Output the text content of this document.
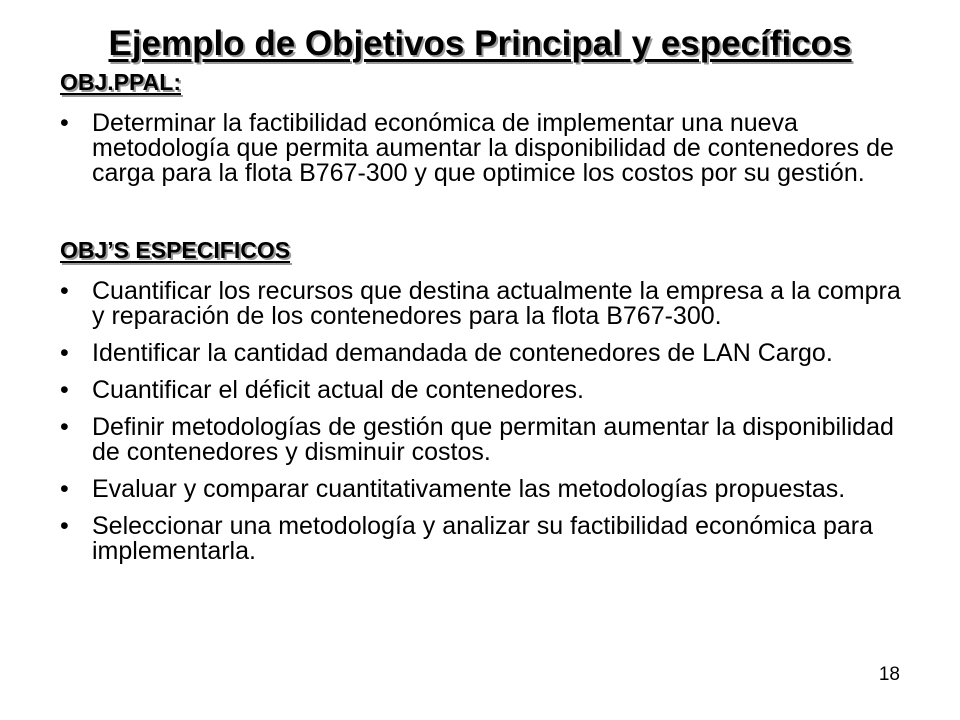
Ejemplo de Objetivos Principal y específicos
OBJ.PPAL:
• Determinar la factibilidad económica de implementar una nueva metodología que permita aumentar la disponibilidad de contenedores de carga para la flota B767-300 y que optimice los costos por su gestión.
OBJ’S ESPECIFICOS
• Cuantificar los recursos que destina actualmente la empresa a la compra y reparación de los contenedores para la flota B767-300.
• Identificar la cantidad demandada de contenedores de LAN Cargo.
• Cuantificar el déficit actual de contenedores.
• Definir metodologías de gestión que permitan aumentar la disponibilidad de contenedores y disminuir costos.
• Evaluar y comparar cuantitativamente las metodologías propuestas.
• Seleccionar una metodología y analizar su factibilidad económica para implementarla.
18
